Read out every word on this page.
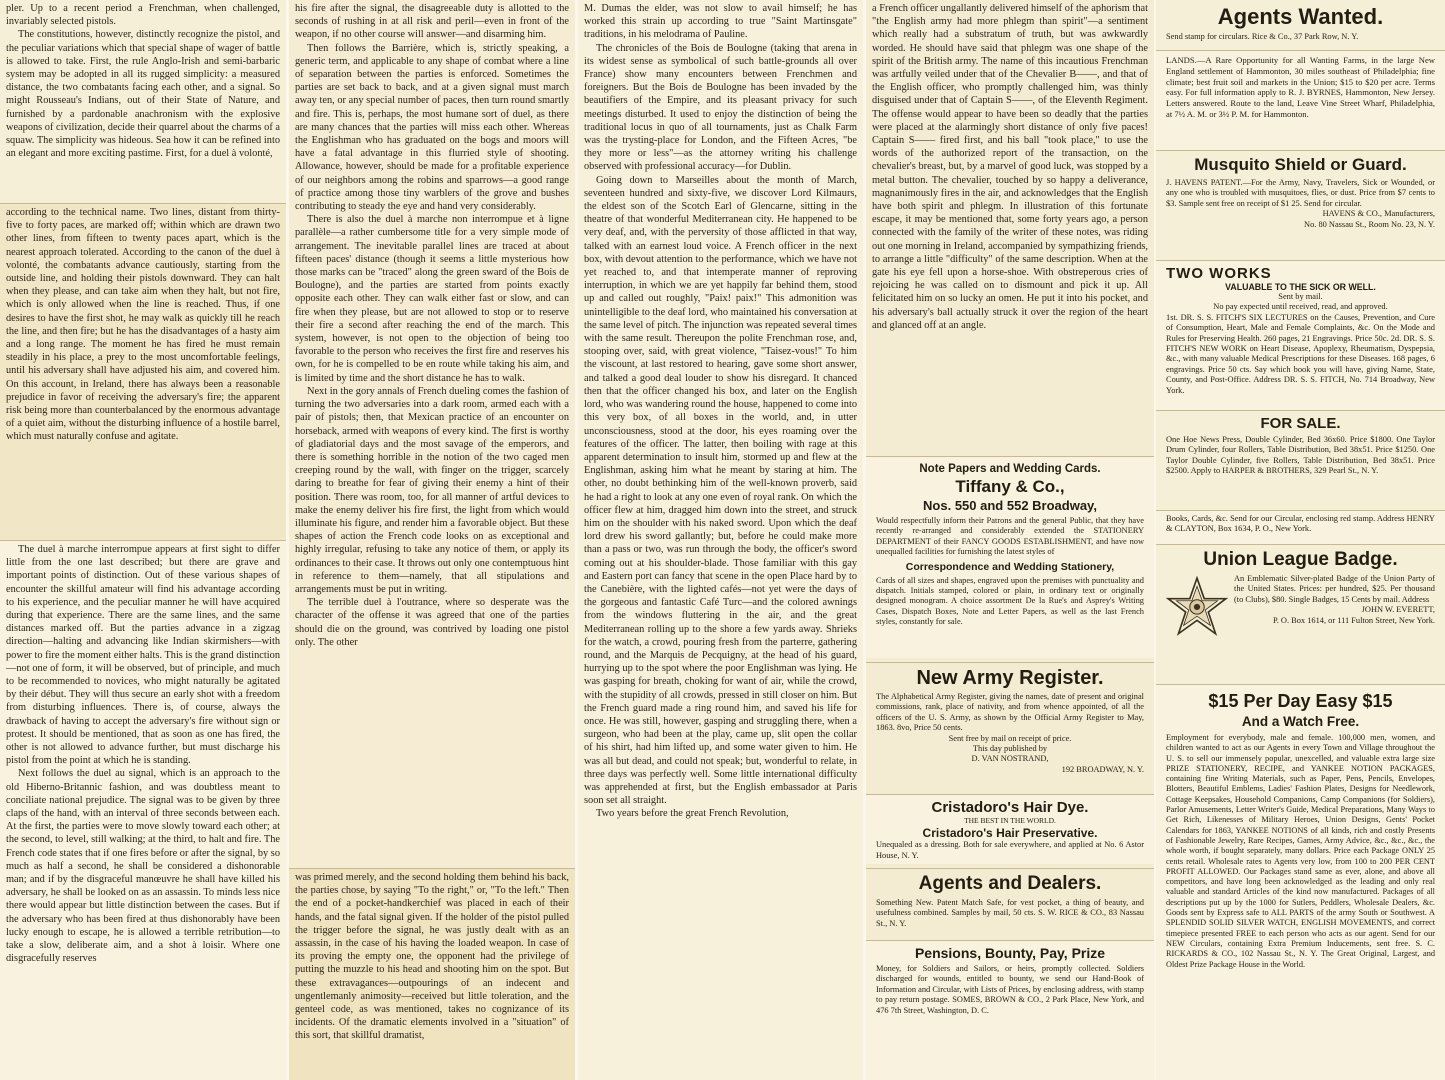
pler. Up to a recent period a Frenchman, when challenged, invariably selected pistols.

The constitutions, however, distinctly recognize the pistol, and the peculiar variations which that special shape of wager of battle is allowed to take. First, the rule Anglo-Irish and semi-barbaric system may be adopted in all its rugged simplicity: a measured distance, the two combatants facing each other, and a signal. So might Rousseau's Indians, out of their State of Nature, and furnished by a pardonable anachronism with the explosive weapons of civilization, decide their quarrel about the charms of a squaw. The simplicity was hideous. Sea how it can be refined into an elegant and more exciting pastime. First, for a duel à volonté,

according to the technical name. Two lines, distant from thirty-five to forty paces, are marked off; within which are drawn two other lines, from fifteen to twenty paces apart, which is the nearest approach tolerated. According to the canon of the duel à volonté, the combatants advance cautiously, starting from the outside line, and holding their pistols downward. They can halt when they please, and can take aim when they halt, but not fire, which is only allowed when the line is reached. Thus, if one desires to have the first shot, he may walk as quickly till he reach the line, and then fire; but he has the disadvantages of a hasty aim and a long range. The moment he has fired he must remain steadily in his place, a prey to the most uncomfortable feelings, until his adversary shall have adjusted his aim, and covered him. On this account, in Ireland, there has always been a reasonable prejudice in favor of receiving the adversary's fire; the apparent risk being more than counterbalanced by the enormous advantage of a quiet aim, without the disturbing influence of a hostile barrel, which must naturally confuse and agitate.

The duel à marche interrompue appears at first sight to differ little from the one last described; but there are grave and important points of distinction. Out of these various shapes of encounter the skillful amateur will find his advantage according to his experience, and the peculiar manner he will have acquired during that experience. There are the same lines, and the same distances marked off. But the parties advance in a zigzag direction—halting and advancing like Indian skirmishers—with power to fire the moment either halts. This is the grand distinction—not one of form, it will be observed, but of principle, and much to be recommended to novices, who might naturally be agitated by their début. They will thus secure an early shot with a freedom from disturbing influences. There is, of course, always the drawback of having to accept the adversary's fire without sign or protest. It should be mentioned, that as soon as one has fired, the other is not allowed to advance further, but must discharge his pistol from the point at which he is standing.

Next follows the duel au signal, which is an approach to the old Hiberno-Britannic fashion, and was doubtless meant to conciliate national prejudice. The signal was to be given by three claps of the hand, with an interval of three seconds between each. At the first, the parties were to move slowly toward each other; at the second, to level, still walking; at the third, to halt and fire. The French code states that if one fires before or after the signal, by so much as half a second, he shall be considered a dishonorable man; and if by the disgraceful manœuvre he shall have killed his adversary, he shall be looked on as an assassin. To minds less nice there would appear but little distinction between the cases. But if the adversary who has been fired at thus dishonorably have been lucky enough to escape, he is allowed a terrible retribution—to take a slow, deliberate aim, and a shot à loisir. Where one disgracefully reserves

his fire after the signal, the disagreeable duty is allotted to the seconds of rushing in at all risk and peril—even in front of the weapon, if no other course will answer—and disarming him.

Then follows the Barrière, which is, strictly speaking, a generic term, and applicable to any shape of combat where a line of separation between the parties is enforced. Sometimes the parties are set back to back, and at a given signal must march away ten, or any special number of paces, then turn round smartly and fire. This is, perhaps, the most humane sort of duel, as there are many chances that the parties will miss each other. Whereas the Englishman who has graduated on the bogs and moors will have a fatal advantage in this flurried style of shooting. Allowance, however, should be made for a profitable experience of our neighbors among the robins and sparrows—a good range of practice among those tiny warblers of the grove and bushes contributing to steady the eye and hand very considerably.

There is also the duel à marche non interrompue et à ligne parallèle—a rather cumbersome title for a very simple mode of arrangement. The inevitable parallel lines are traced at about fifteen paces' distance (though it seems a little mysterious how those marks can be "traced" along the green sward of the Bois de Boulogne), and the parties are started from points exactly opposite each other. They can walk either fast or slow, and can fire when they please, but are not allowed to stop or to reserve their fire a second after reaching the end of the march. This system, however, is not open to the objection of being too favorable to the person who receives the first fire and reserves his own, for he is compelled to be en route while taking his aim, and is limited by time and the short distance he has to walk.

Next in the gory annals of French dueling comes the fashion of turning the two adversaries into a dark room, armed each with a pair of pistols; then, that Mexican practice of an encounter on horseback, armed with weapons of every kind. The first is worthy of gladiatorial days and the most savage of the emperors, and there is something horrible in the notion of the two caged men creeping round by the wall, with finger on the trigger, scarcely daring to breathe for fear of giving their enemy a hint of their position. There was room, too, for all manner of artful devices to make the enemy deliver his fire first, the light from which would illuminate his figure, and render him a favorable object. But these shapes of action the French code looks on as exceptional and highly irregular, refusing to take any notice of them, or apply its ordinances to their case. It throws out only one contemptuous hint in reference to them—namely, that all stipulations and arrangements must be put in writing.

The terrible duel à l'outrance, where so desperate was the character of the offense it was agreed that one of the parties should die on the ground, was contrived by loading one pistol only. The other

was primed merely, and the second holding them behind his back, the parties chose, by saying "To the right," or, "To the left." Then the end of a pocket-handkerchief was placed in each of their hands, and the fatal signal given. If the holder of the pistol pulled the trigger before the signal, he was justly dealt with as an assassin, in the case of his having the loaded weapon. In case of its proving the empty one, the opponent had the privilege of putting the muzzle to his head and shooting him on the spot. But these extravagances—outpourings of an indecent and ungentlemanly animosity—received but little toleration, and the genteel code, as was mentioned, takes no cognizance of its incidents. Of the dramatic elements involved in a "situation" of this sort, that skillful dramatist,

M. Dumas the elder, was not slow to avail himself; he has worked this strain up according to true "Saint Martinsgate" traditions, in his melodrama of Pauline.

The chronicles of the Bois de Boulogne (taking that arena in its widest sense as symbolical of such battle-grounds all over France) show many encounters between Frenchmen and foreigners. But the Bois de Boulogne has been invaded by the beautifiers of the Empire, and its pleasant privacy for such meetings disturbed. It used to enjoy the distinction of being the traditional locus in quo of all tournaments, just as Chalk Farm was the trysting-place for London, and the Fifteen Acres, "be they more or less"—as the attorney writing his challenge observed with professional accuracy—for Dublin.

Going down to Marseilles about the month of March, seventeen hundred and sixty-five, we discover Lord Kilmaurs, the eldest son of the Scotch Earl of Glencarne, sitting in the theatre of that wonderful Mediterranean city. He happened to be very deaf, and, with the perversity of those afflicted in that way, talked with an earnest loud voice. A French officer in the next box, with devout attention to the performance, which we have not yet reached to, and that intemperate manner of reproving interruption, in which we are yet happily far behind them, stood up and called out roughly, "Paix! paix!" This admonition was unintelligible to the deaf lord, who maintained his conversation at the same level of pitch. The injunction was repeated several times with the same result. Thereupon the polite Frenchman rose, and, stooping over, said, with great violence, "Taisez-vous!" To him the viscount, at last restored to hearing, gave some short answer, and talked a good deal louder to show his disregard. It chanced then that the officer changed his box, and later on the English lord, who was wandering round the house, happened to come into this very box, of all boxes in the world, and, in utter unconsciousness, stood at the door, his eyes roaming over the features of the officer. The latter, then boiling with rage at this apparent determination to insult him, stormed up and flew at the Englishman, asking him what he meant by staring at him. The other, no doubt bethinking him of the well-known proverb, said he had a right to look at any one even of royal rank. On which the officer flew at him, dragged him down into the street, and struck him on the shoulder with his naked sword. Upon which the deaf lord drew his sword gallantly; but, before he could make more than a pass or two, was run through the body, the officer's sword coming out at his shoulder-blade. Those familiar with this gay and Eastern port can fancy that scene in the open Place hard by to the Canebière, with the lighted cafés—not yet were the days of the gorgeous and fantastic Café Turc—and the colored awnings from the windows fluttering in the air, and the great Mediterranean rolling up to the shore a few yards away. Shrieks for the watch, a crowd, pouring fresh from the parterre, gathering round, and the Marquis de Pecquigny, at the head of his guard, hurrying up to the spot where the poor Englishman was lying. He was gasping for breath, choking for want of air, while the crowd, with the stupidity of all crowds, pressed in still closer on him. But the French guard made a ring round him, and saved his life for once. He was still, however, gasping and struggling there, when a surgeon, who had been at the play, came up, slit open the collar of his shirt, had him lifted up, and some water given to him. He was all but dead, and could not speak; but, wonderful to relate, in three days was perfectly well. Some little international difficulty was apprehended at first, but the English embassador at Paris soon set all straight.

Two years before the great French Revolution,

a French officer ungallantly delivered himself of the aphorism that "the English army had more phlegm than spirit"—a sentiment which really had a substratum of truth, but was awkwardly worded. He should have said that phlegm was one shape of the spirit of the British army. The name of this incautious Frenchman was artfully veiled under that of the Chevalier B——, and that of the English officer, who promptly challenged him, was thinly disguised under that of Captain S——, of the Eleventh Regiment. The offense would appear to have been so deadly that the parties were placed at the alarmingly short distance of only five paces! Captain S—— fired first, and his ball "took place," to use the words of the authorized report of the transaction, on the chevalier's breast, but, by a marvel of good luck, was stopped by a metal button. The chevalier, touched by so happy a deliverance, magnanimously fires in the air, and acknowledges that the English have both spirit and phlegm. In illustration of this fortunate escape, it may be mentioned that, some forty years ago, a person connected with the family of the writer of these notes, was riding out one morning in Ireland, accompanied by sympathizing friends, to arrange a little "difficulty" of the same description. When at the gate his eye fell upon a horse-shoe. With obstreperous cries of rejoicing he was called on to dismount and pick it up. All felicitated him on so lucky an omen. He put it into his pocket, and his adversary's ball actually struck it over the region of the heart and glanced off at an angle.

Note Papers and Wedding Cards.
Tiffany & Co.,
Nos. 550 and 552 Broadway,

Would respectfully inform their Patrons and the general Public, that they have recently re-arranged and considerably extended the STATIONERY DEPARTMENT of their FANCY GOODS ESTABLISHMENT, and have now unequalled facilities for furnishing the latest styles of

Correspondence and Wedding Stationery,

Cards of all sizes and shapes, engraved upon the premises with punctuality and dispatch. Initials stamped, colored or plain, in ordinary text or originally designed monogram. A choice assortment De la Rue's and Asprey's Writing Cases, Dispatch Boxes, Note and Letter Papers, as well as the last French styles, constantly for sale.

New Army Register.

The Alphabetical Army Register, giving the names, date of present and original commissions, rank, place of nativity, and from whence appointed, of all the officers of the U. S. Army, as shown by the Official Army Register to May, 1863. 8vo, Price 50 cents.

Sent free by mail on receipt of price.

This day published by

D. VAN NOSTRAND,

192 BROADWAY, N. Y.

Cristadoro's Hair Dye.

THE BEST IN THE WORLD.

Cristadoro's Hair Preservative.

Unequaled as a dressing. Both for sale everywhere, and applied at No. 6 Astor House, N. Y.

Agents and Dealers.

Something New. Patent Match Safe, for vest pocket, a thing of beauty, and usefulness combined. Samples by mail, 50 cts. S. W. RICE & CO., 83 Nassau St., N. Y.

Pensions, Bounty, Pay, Prize

Money, for Soldiers and Sailors, or heirs, promptly collected. Soldiers discharged for wounds, entitled to bounty, we send our Hand-Book of Information and Circular, with Lists of Prices, by enclosing address, with stamp to pay return postage. SOMES, BROWN & CO., 2 Park Place, New York, and 476 7th Street, Washington, D. C.

Agents Wanted.

Send stamp for circulars. Rice & Co., 37 Park Row, N. Y.

LANDS.—A Rare Opportunity for all Wanting Farms, in the large New England settlement of Hammonton, 30 miles southeast of Philadelphia; fine climate; best fruit soil and markets in the Union; $15 to $20 per acre. Terms easy. For full information apply to R. J. BYRNES, Hammonton, New Jersey. Letters answered. Route to the land, Leave Vine Street Wharf, Philadelphia, at 7½ A. M. or 3½ P. M. for Hammonton.

Musquito Shield or Guard.

J. HAVENS PATENT.—For the Army, Navy, Travelers, Sick or Wounded, or any one who is troubled with musquitoes, flies, or dust. Price from $7 cents to $3. Sample sent free on receipt of $1 25. Send for circular.

HAVENS & CO., Manufacturers,

No. 80 Nassau St., Room No. 23, N. Y.

TWO WORKS
VALUABLE TO THE SICK OR WELL.

Sent by mail.

No pay expected until received, read, and approved.

1st. DR. S. S. FITCH'S SIX LECTURES on the Causes, Prevention, and Cure of Consumption, Heart, Male and Female Complaints, &c. On the Mode and Rules for Preserving Health. 260 pages, 21 Engravings. Price 50c. 2d. DR. S. S. FITCH'S NEW WORK on Heart Disease, Apoplexy, Rheumatism, Dyspepsia, &c., with many valuable Medical Prescriptions for these Diseases. 168 pages, 6 engravings. Price 50 cts. Say which book you will have, giving Name, State, County, and Post-Office. Address DR. S. S. FITCH, No. 714 Broadway, New York.

FOR SALE.

One Hoe News Press, Double Cylinder, Bed 36x60. Price $1800. One Taylor Drum Cylinder, four Rollers, Table Distribution, Bed 38x51. Price $1250. One Taylor Double Cylinder, five Rollers, Table Distribution, Bed 38x51. Price $2500. Apply to HARPER & BROTHERS, 329 Pearl St., N. Y.

Books, Cards, &c. Send for our Circular, enclosing red stamp. Address HENRY & CLAYTON, Box 1634, P. O., New York.

Union League Badge.

An Emblematic Silver-plated Badge of the Union Party of the United States. Prices: per hundred, $25. Per thousand (to Clubs), $80. Single Badges, 15 Cents by mail. Address

JOHN W. EVERETT,

P. O. Box 1614, or 111 Fulton Street, New York.

$15 Per Day Easy $15
And a Watch Free.

Employment for everybody, male and female. 100,000 men, women, and children wanted to act as our Agents in every Town and Village throughout the U. S. to sell our immensely popular, unexcelled, and valuable extra large size PRIZE STATIONERY, RECIPE, and YANKEE NOTION PACKAGES, containing fine Writing Materials, such as Paper, Pens, Pencils, Envelopes, Blotters, Beautiful Emblems, Ladies' Fashion Plates, Designs for Needlework, Cottage Keepsakes, Household Companions, Camp Companions (for Soldiers), Parlor Amusements, Letter Writer's Guide, Medical Preparations, Many Ways to Get Rich, Likenesses of Military Heroes, Union Designs, Gents' Pocket Calendars for 1863, YANKEE NOTIONS of all kinds, rich and costly Presents of Fashionable Jewelry, Rare Recipes, Games, Army Advice, &c., &c., &c., the whole worth, if bought separately, many dollars. Price each Package ONLY 25 cents retail. Wholesale rates to Agents very low, from 100 to 200 PER CENT PROFIT ALLOWED. Our Packages stand same as ever, alone, and above all competitors, and have long been acknowledged as the leading and only real valuable and standard Articles of the kind now manufactured. Packages of all descriptions put up by the 1000 for Sutlers, Peddlers, Wholesale Dealers, &c. Goods sent by Express safe to ALL PARTS of the army South or Southwest. A SPLENDID SOLID SILVER WATCH, ENGLISH MOVEMENTS, and correct timepiece presented FREE to each person who acts as our agent. Send for our NEW Circulars, containing Extra Premium Inducements, sent free. S. C. RICKARDS & CO., 102 Nassau St., N. Y. The Great Original, Largest, and Oldest Prize Package House in the World.
